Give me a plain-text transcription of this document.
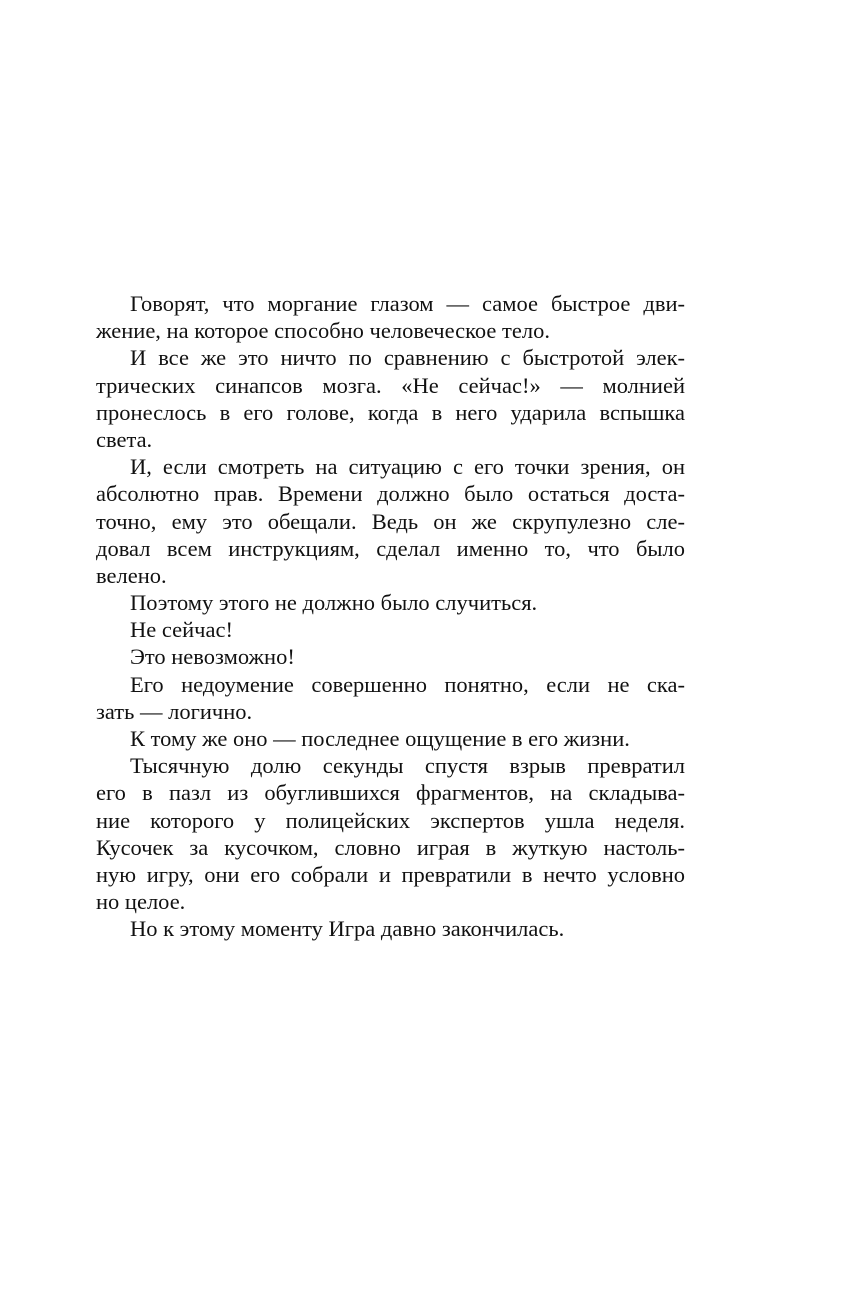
Говорят, что моргание глазом — самое быстрое дви-
жение, на которое способно человеческое тело.
И все же это ничто по сравнению с быстротой элек-
трических синапсов мозга. «Не сейчас!» — молнией
пронеслось в его голове, когда в него ударила вспышка
света.
И, если смотреть на ситуацию с его точки зрения, он
абсолютно прав. Времени должно было остаться доста-
точно, ему это обещали. Ведь он же скрупулезно сле-
довал всем инструкциям, сделал именно то, что было
велено.
Поэтому этого не должно было случиться.
Не сейчас!
Это невозможно!
Его недоумение совершенно понятно, если не ска-
зать — логично.
К тому же оно — последнее ощущение в его жизни.
Тысячную долю секунды спустя взрыв превратил
его в пазл из обуглившихся фрагментов, на складыва-
ние которого у полицейских экспертов ушла неделя.
Кусочек за кусочком, словно играя в жуткую настоль-
ную игру, они его собрали и превратили в нечто условно
но целое.
Но к этому моменту Игра давно закончилась.
